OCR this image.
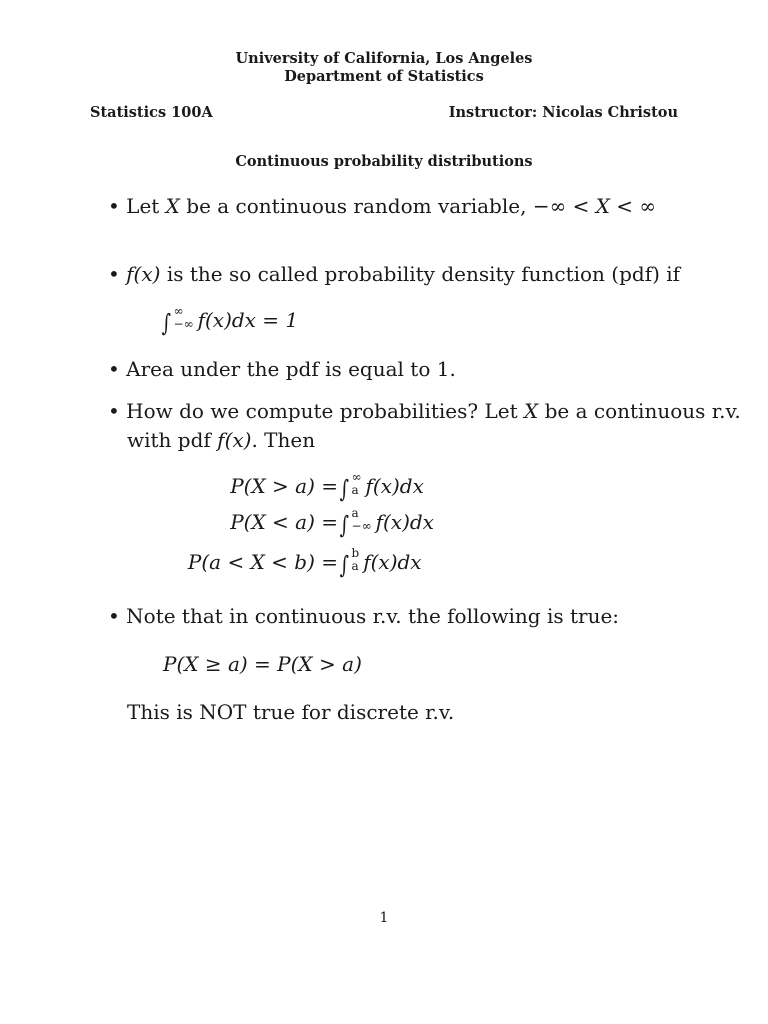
University of California, Los Angeles
Department of Statistics
Statistics 100A	Instructor: Nicolas Christou
Continuous probability distributions
• Let X be a continuous random variable, −∞ < X < ∞
• f(x) is the so called probability density function (pdf) if
∫ ∞
−∞ f(x)dx = 1
• Area under the pdf is equal to 1.
• How do we compute probabilities? Let X be a continuous r.v.
with pdf f(x). Then
P(X > a) =∫ ∞
a f(x)dx
P(X < a) =∫ a
−∞ f(x)dx
P(a < X < b) =∫ b
a f(x)dx
• Note that in continuous r.v. the following is true:
P(X ≥ a) = P(X > a)
This is NOT true for discrete r.v.
1
